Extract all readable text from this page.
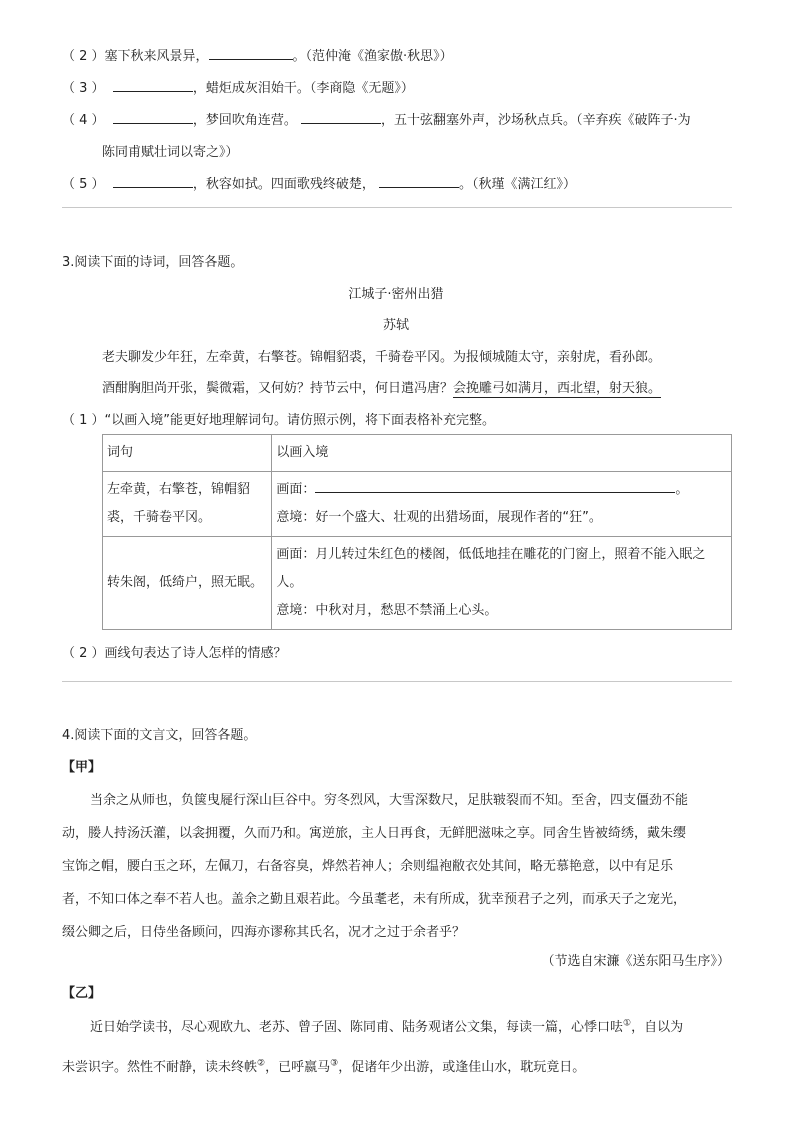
（ 2 ）塞下秋来风景异，	。（范仲淹《渔家傲·秋思》）
（ 3 ）	，蜡炬成灰泪始干。（李商隐《无题》）
（ 4 ）	，梦回吹角连营。	，五十弦翻塞外声，沙场秋点兵。（辛弃疾《破阵子·为
陈同甫赋壮词以寄之》）
（ 5 ）	，秋容如拭。四面歌残终破楚，	。（秋瑾《满江红》）
3.阅读下面的诗词，回答各题。
江城子·密州出猎
苏轼
老夫聊发少年狂，左牵黄，右擎苍。锦帽貂裘，千骑卷平冈。为报倾城随太守，亲射虎，看孙郎。
酒酣胸胆尚开张，鬓微霜，又何妨？持节云中，何日遣冯唐？会挽雕弓如满月，西北望，射天狼。
（ 1 ）“以画入境”能更好地理解词句。请仿照示例，将下面表格补充完整。
词句	以画入境
左牵黄，右擎苍，锦帽貂裘，千骑卷平冈。	画面： 。
意境：好一个盛大、壮观的出猎场面，展现作者的“狂”。

转朱阁，低绮户，照无眠。	画面：月儿转过朱红色的楼阁，低低地挂在雕花的门窗上，照着不能入眠之人。
意境：中秋对月，愁思不禁涌上心头。
（ 2 ）画线句表达了诗人怎样的情感？
4.阅读下面的文言文，回答各题。
【甲】
当余之从师也，负箧曳屣行深山巨谷中。穷冬烈风，大雪深数尺，足肤皲裂而不知。至舍，四支僵劲不能
动，媵人持汤沃灌，以衾拥覆，久而乃和。寓逆旅，主人日再食，无鲜肥滋味之享。同舍生皆被绮绣，戴朱缨
宝饰之帽，腰白玉之环，左佩刀，右备容臭，烨然若神人；余则缊袍敝衣处其间，略无慕艳意，以中有足乐
者，不知口体之奉不若人也。盖余之勤且艰若此。今虽耄老，未有所成，犹幸预君子之列，而承天子之宠光，
缀公卿之后，日侍坐备顾问，四海亦谬称其氏名，况才之过于余者乎？
（节选自宋濂《送东阳马生序》）
【乙】
近日始学读书，尽心观欧九、老苏、曾子固、陈同甫、陆务观诸公文集，每读一篇，心悸口呿①，自以为
未尝识字。然性不耐静，读未终帙②，已呼嬴马③，促诸年少出游，或逢佳山水，耽玩竟日。
